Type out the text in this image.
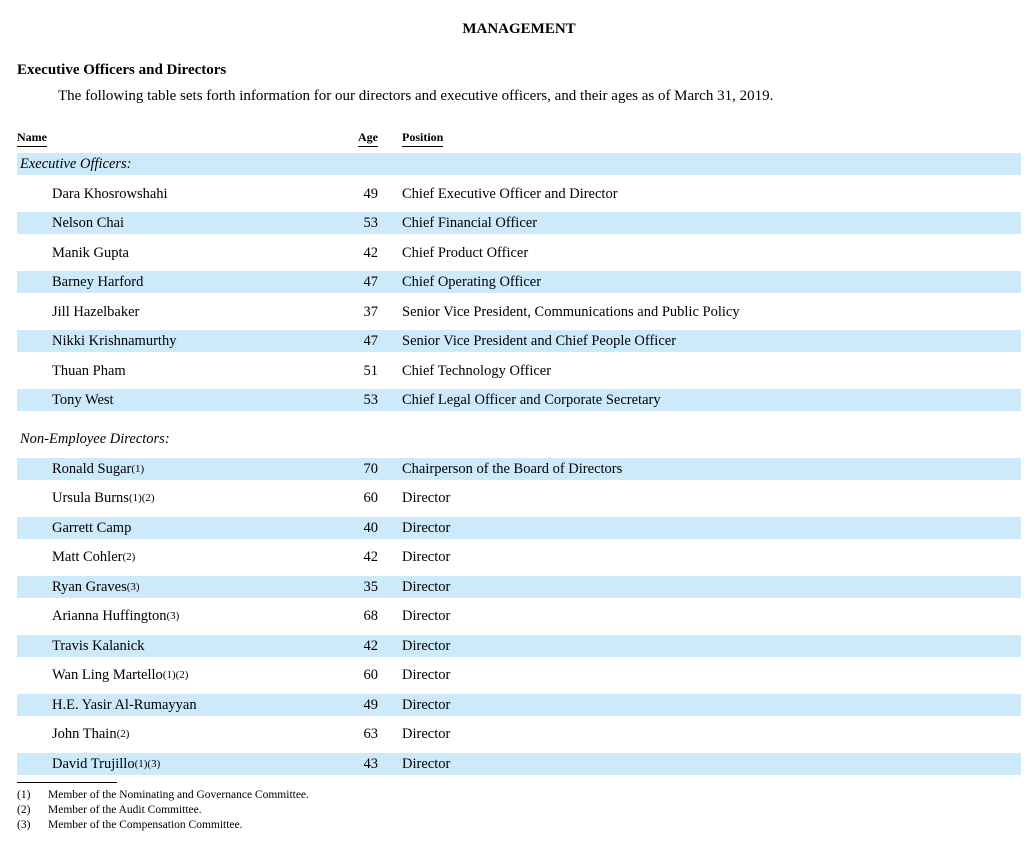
MANAGEMENT
Executive Officers and Directors

The following table sets forth information for our directors and executive officers, and their ages as of March 31, 2019.

Name	Age Position
Executive Officers:
Dara Khosrowshahi	49 Chief Executive Officer and Director
Nelson Chai	53 Chief Financial Officer
Manik Gupta	42 Chief Product Officer
Barney Harford	47 Chief Operating Officer
Jill Hazelbaker	37 Senior Vice President, Communications and Public Policy
Nikki Krishnamurthy	47 Senior Vice President and Chief People Officer
Thuan Pham	51 Chief Technology Officer
Tony West	53 Chief Legal Officer and Corporate Secretary
Non-Employee Directors:
Ronald Sugar(1)	70 Chairperson of the Board of Directors
Ursula Burns(1)(2)	60 Director
Garrett Camp	40 Director
Matt Cohler(2)	42 Director
Ryan Graves(3)	35 Director
Arianna Huffington(3)	68 Director
Travis Kalanick	42 Director
Wan Ling Martello(1)(2)	60 Director
H.E. Yasir Al-Rumayyan	49 Director
John Thain(2)	63 Director
David Trujillo(1)(3)	43 Director
(1)	Member of the Nominating and Governance Committee.
(2)	Member of the Audit Committee.
(3)	Member of the Compensation Committee.
